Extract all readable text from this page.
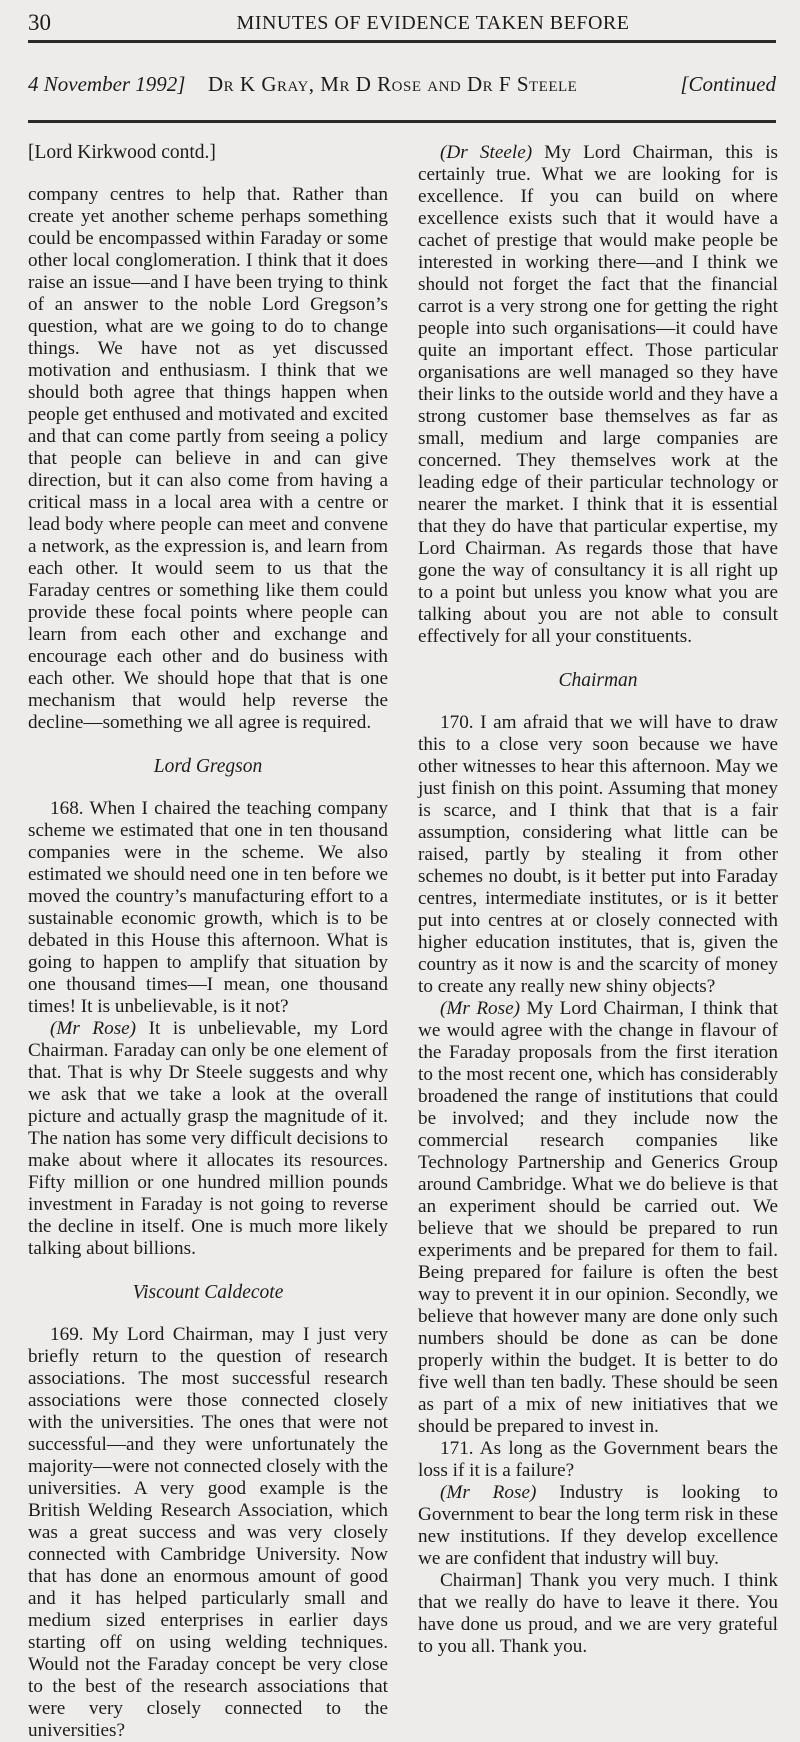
30	MINUTES OF EVIDENCE TAKEN BEFORE
4 November 1992] Dr K Gray, Mr D Rose and Dr F Steele	[Continued
[Lord Kirkwood contd.]

company centres to help that. Rather than create yet another scheme perhaps something could be encompassed within Faraday or some other local conglomeration. I think that it does raise an issue—and I have been trying to think of an answer to the noble Lord Gregson’s question, what are we going to do to change things. We have not as yet discussed motivation and enthusiasm. I think that we should both agree that things happen when people get enthused and motivated and excited and that can come partly from seeing a policy that people can believe in and can give direction, but it can also come from having a critical mass in a local area with a centre or lead body where people can meet and convene a network, as the expression is, and learn from each other. It would seem to us that the Faraday centres or something like them could provide these focal points where people can learn from each other and exchange and encourage each other and do business with each other. We should hope that that is one mechanism that would help reverse the decline—something we all agree is required.

Lord Gregson

168. When I chaired the teaching company scheme we estimated that one in ten thousand companies were in the scheme. We also estimated we should need one in ten before we moved the country’s manufacturing effort to a sustainable economic growth, which is to be debated in this House this afternoon. What is going to happen to amplify that situation by one thousand times—I mean, one thousand times! It is unbelievable, is it not?

(Mr Rose) It is unbelievable, my Lord Chairman. Faraday can only be one element of that. That is why Dr Steele suggests and why we ask that we take a look at the overall picture and actually grasp the magnitude of it. The nation has some very difficult decisions to make about where it allocates its resources. Fifty million or one hundred million pounds investment in Faraday is not going to reverse the decline in itself. One is much more likely talking about billions.

Viscount Caldecote

169. My Lord Chairman, may I just very briefly return to the question of research associations. The most successful research associations were those connected closely with the universities. The ones that were not successful—and they were unfortunately the majority—were not connected closely with the universities. A very good example is the British Welding Research Association, which was a great success and was very closely connected with Cambridge University. Now that has done an enormous amount of good and it has helped particularly small and medium sized enterprises in earlier days starting off on using welding techniques. Would not the Faraday concept be very close to the best of the research associations that were very closely connected to the universities?

(Dr Steele) My Lord Chairman, this is certainly true. What we are looking for is excellence. If you can build on where excellence exists such that it would have a cachet of prestige that would make people be interested in working there—and I think we should not forget the fact that the financial carrot is a very strong one for getting the right people into such organisations—it could have quite an important effect. Those particular organisations are well managed so they have their links to the outside world and they have a strong customer base themselves as far as small, medium and large companies are concerned. They themselves work at the leading edge of their particular technology or nearer the market. I think that it is essential that they do have that particular expertise, my Lord Chairman. As regards those that have gone the way of consultancy it is all right up to a point but unless you know what you are talking about you are not able to consult effectively for all your constituents.

Chairman

170. I am afraid that we will have to draw this to a close very soon because we have other witnesses to hear this afternoon. May we just finish on this point. Assuming that money is scarce, and I think that that is a fair assumption, considering what little can be raised, partly by stealing it from other schemes no doubt, is it better put into Faraday centres, intermediate institutes, or is it better put into centres at or closely connected with higher education institutes, that is, given the country as it now is and the scarcity of money to create any really new shiny objects?

(Mr Rose) My Lord Chairman, I think that we would agree with the change in flavour of the Faraday proposals from the first iteration to the most recent one, which has considerably broadened the range of institutions that could be involved; and they include now the commercial research companies like Technology Partnership and Generics Group around Cambridge. What we do believe is that an experiment should be carried out. We believe that we should be prepared to run experiments and be prepared for them to fail. Being prepared for failure is often the best way to prevent it in our opinion. Secondly, we believe that however many are done only such numbers should be done as can be done properly within the budget. It is better to do five well than ten badly. These should be seen as part of a mix of new initiatives that we should be prepared to invest in.

171. As long as the Government bears the loss if it is a failure?

(Mr Rose) Industry is looking to Government to bear the long term risk in these new institutions. If they develop excellence we are confident that industry will buy.

Chairman] Thank you very much. I think that we really do have to leave it there. You have done us proud, and we are very grateful to you all. Thank you.
